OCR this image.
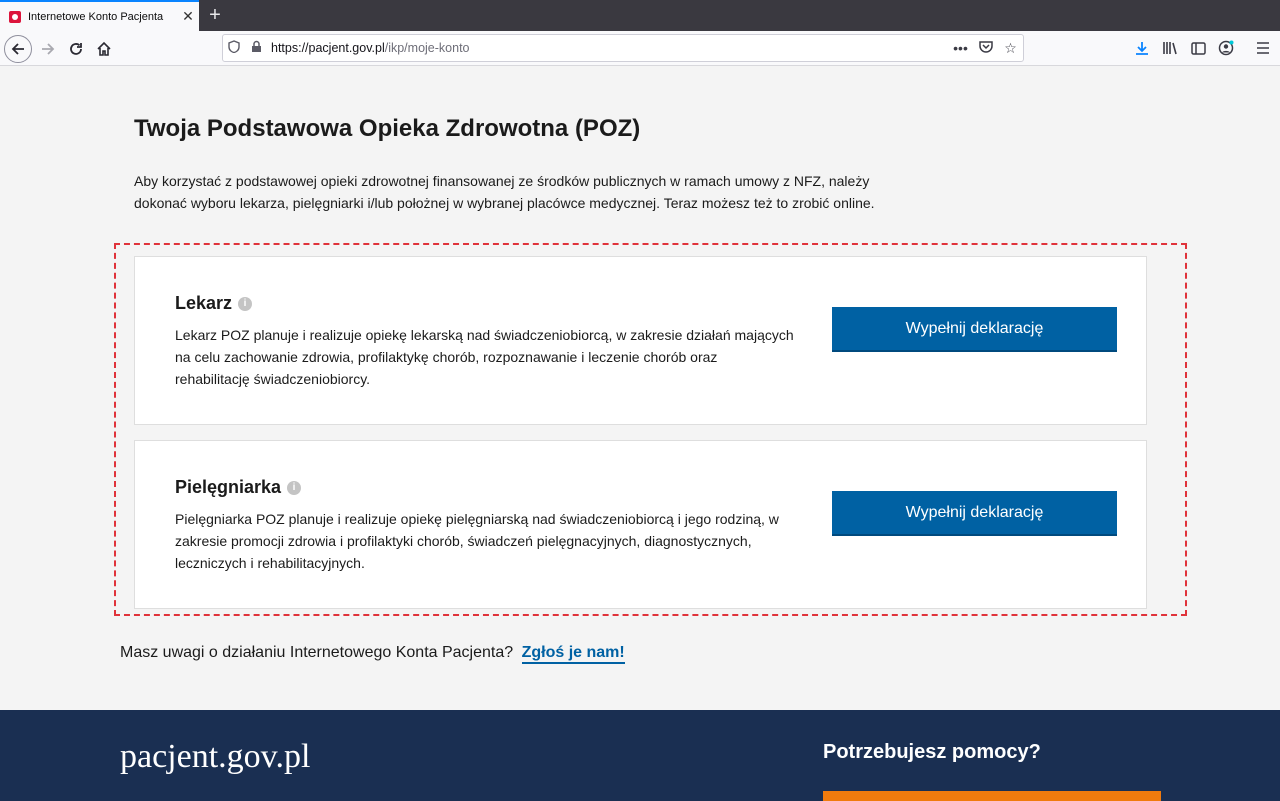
Internetowe Konto Pacjenta	✕ +
https://pacjent.gov.pl/ikp/moje-konto	•••	☆
Twoja Podstawowa Opieka Zdrowotna (POZ)
Aby korzystać z podstawowej opieki zdrowotnej finansowanej ze środków publicznych w ramach umowy z NFZ, należy dokonać wyboru lekarza, pielęgniarki i/lub położnej w wybranej placówce medycznej. Teraz możesz też to zrobić online.
Lekarz	i

Lekarz POZ planuje i realizuje opiekę lekarską nad świadczeniobiorcą, w zakresie działań mających na celu zachowanie zdrowia, profilaktykę chorób, rozpoznawanie i leczenie chorób oraz rehabilitację świadczeniobiorcy.

Wypełnij deklarację
Pielęgniarka	i

Pielęgniarka POZ planuje i realizuje opiekę pielęgniarską nad świadczeniobiorcą i jego rodziną, w zakresie promocji zdrowia i profilaktyki chorób, świadczeń pielęgnacyjnych, diagnostycznych, leczniczych i rehabilitacyjnych.

Wypełnij deklarację
Masz uwagi o działaniu Internetowego Konta Pacjenta? Zgłoś je nam!
pacjent.gov.pl	Potrzebujesz pomocy?
